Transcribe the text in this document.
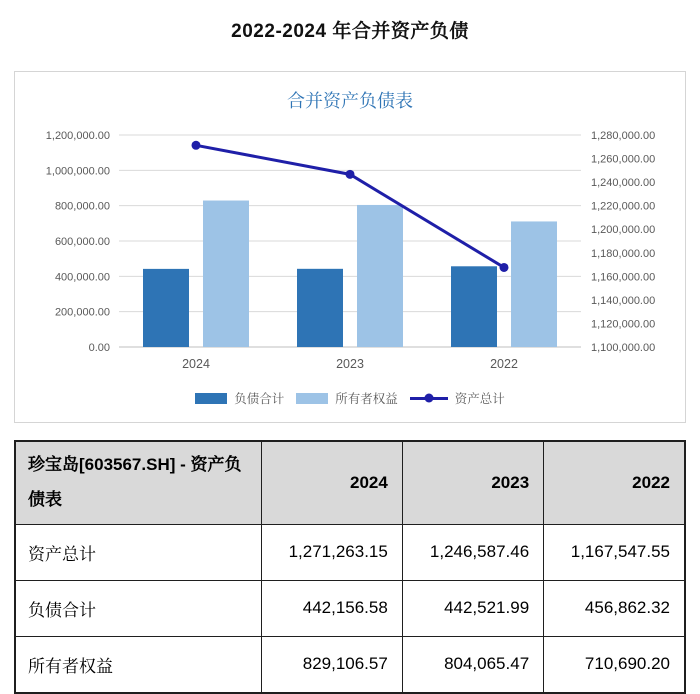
2022-2024 年合并资产负债
0.00
200,000.00
400,000.00
600,000.00
800,000.00
1,000,000.00
1,200,000.00
1,100,000.00
1,120,000.00
1,140,000.00
1,160,000.00
1,180,000.00
1,200,000.00
1,220,000.00
1,240,000.00
1,260,000.00
1,280,000.00
2024	2023	2022
合并资产负债表
负债合计	所有者权益	资产总计
珍宝岛[603567.SH] - 资产负债表	2024	2023	2022
资产总计	1,271,263.15	1,246,587.46	1,167,547.55
负债合计	442,156.58	442,521.99	456,862.32
所有者权益	829,106.57	804,065.47	710,690.20
